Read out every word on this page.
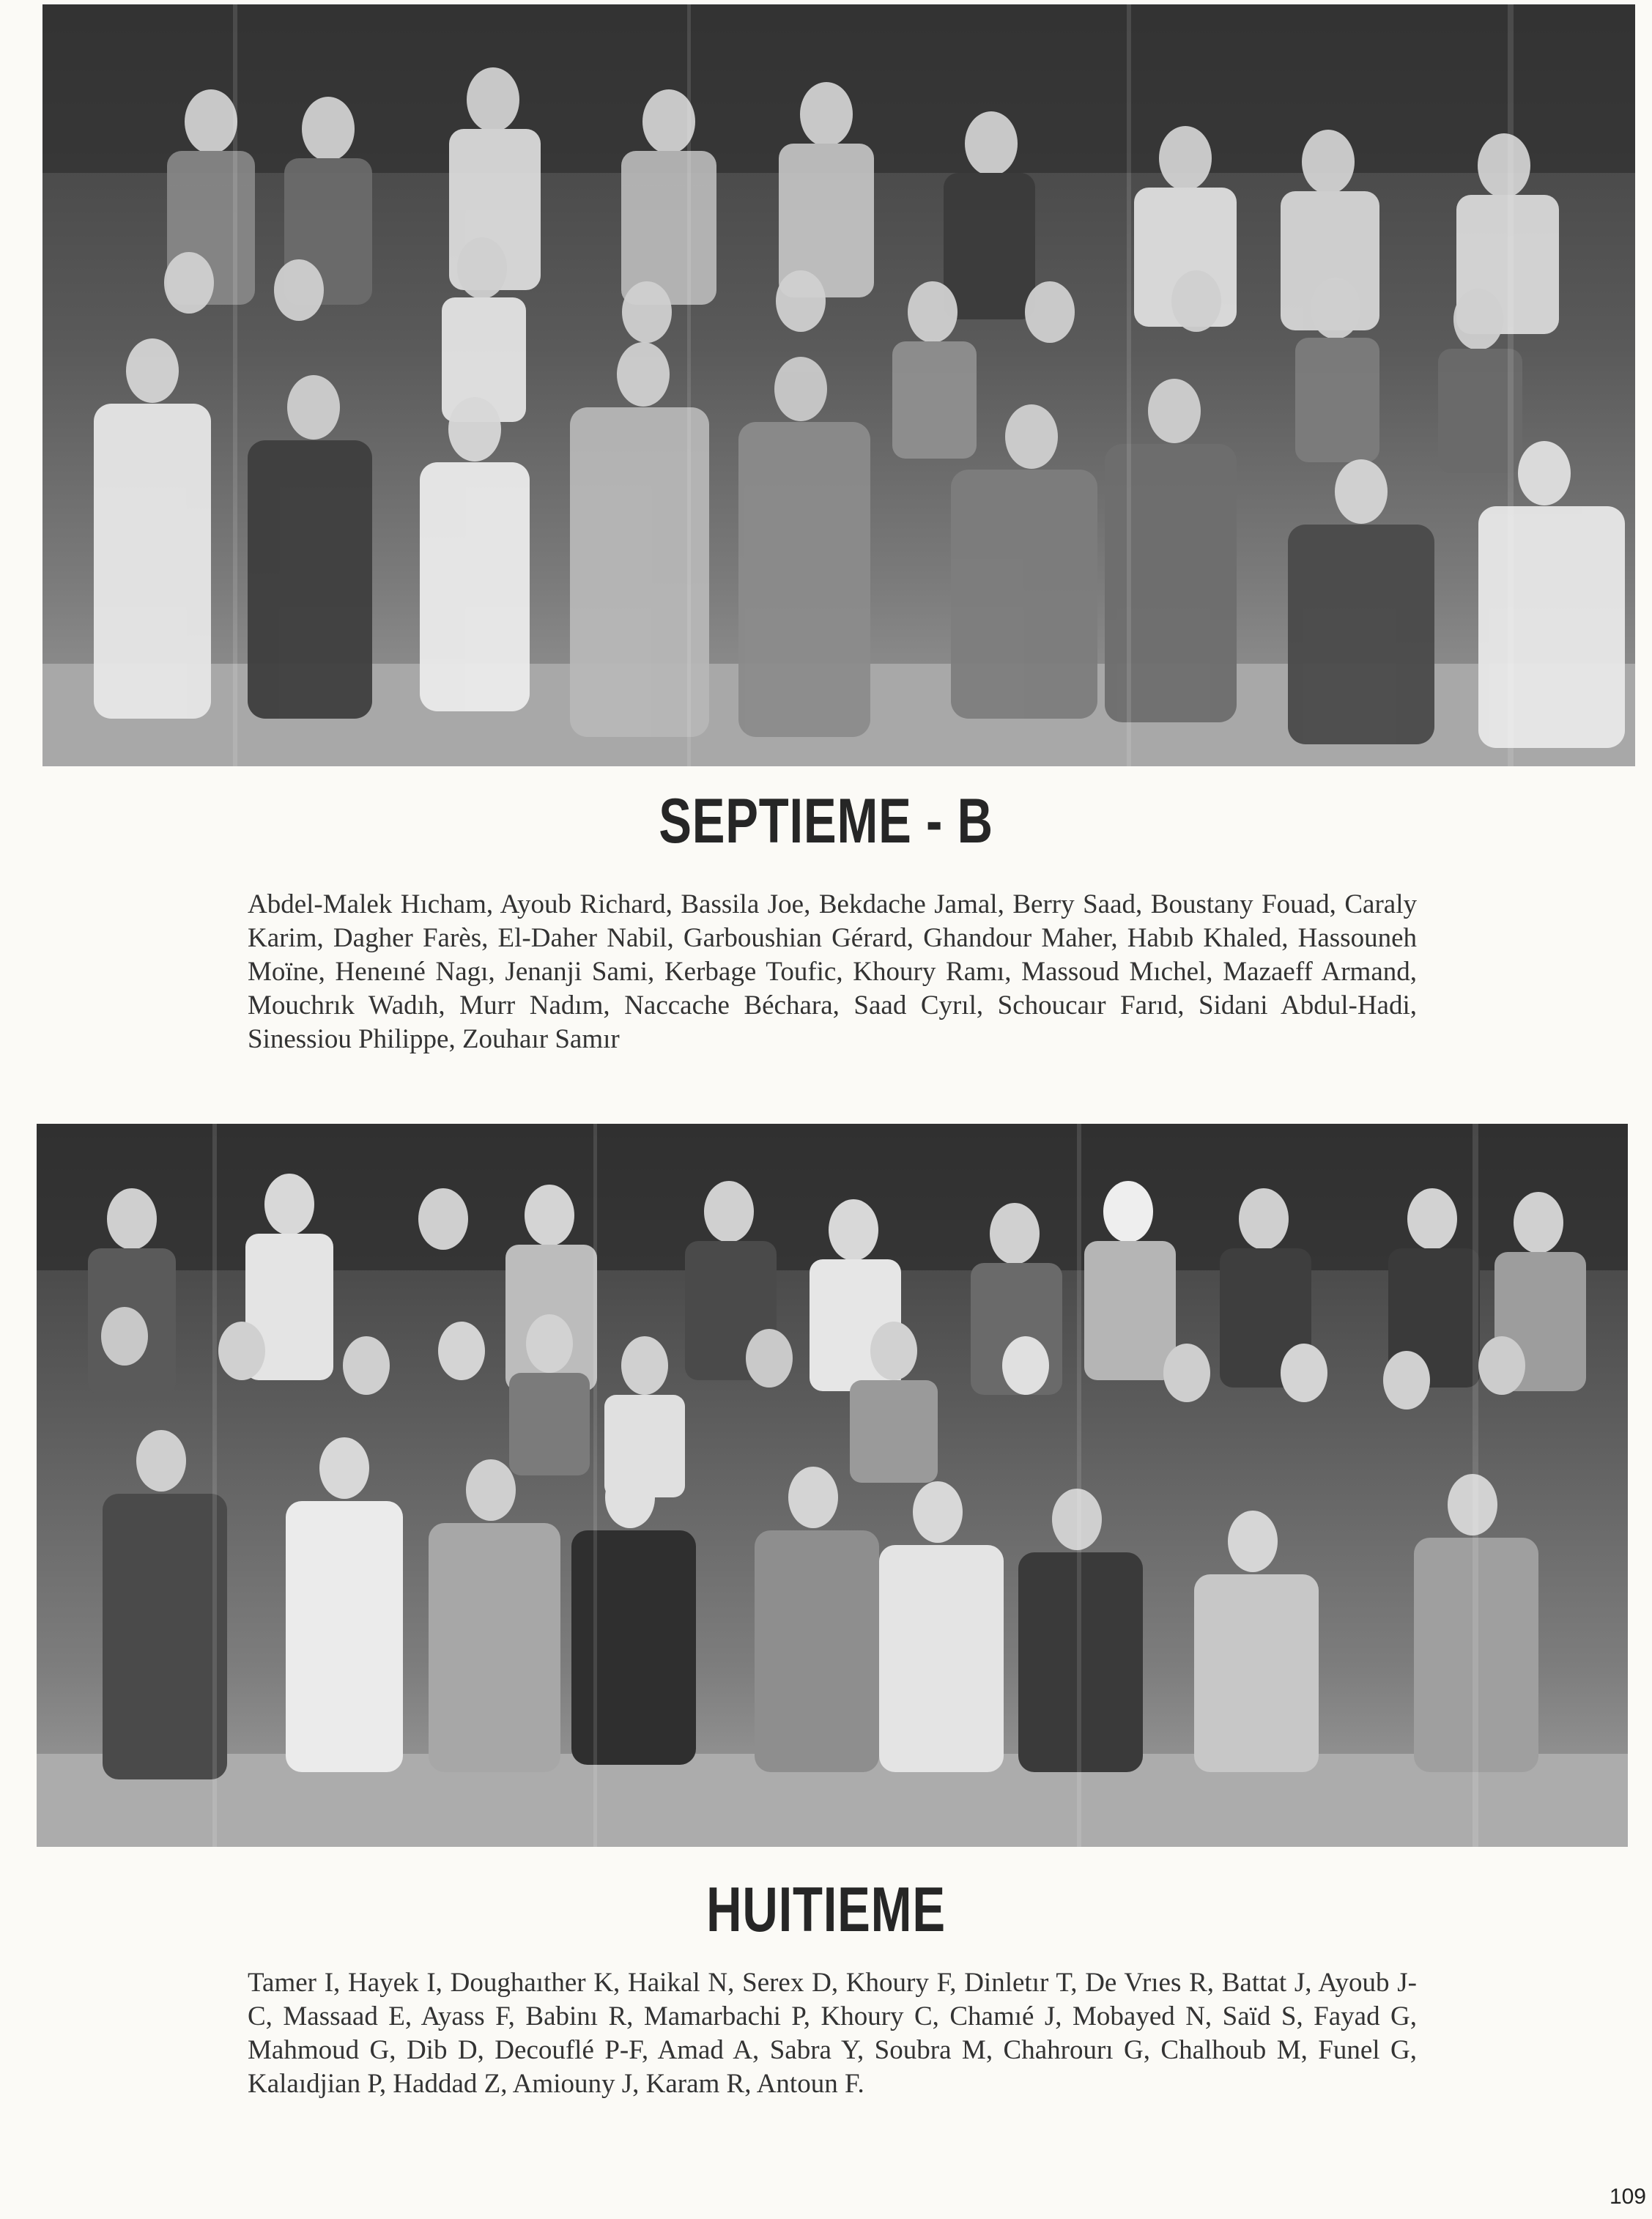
SEPTIEME - B
Abdel-Malek Hıcham, Ayoub Richard, Bassila Joe, Bekdache Jamal, Berry Saad, Boustany Fouad, Caraly Karim, Dagher Farès, El-Daher Nabil, Garboushian Gérard, Ghandour Maher, Habıb Khaled, Hassouneh Moïne, Heneıné Nagı, Jenanji Sami, Kerbage Toufic, Khoury Ramı, Massoud Mıchel, Mazaeff Armand, Mouchrık Wadıh, Murr Nadım, Naccache Béchara, Saad Cyrıl, Schoucaır Farıd, Sidani Abdul-Hadi, Sinessiou Philippe, Zouhaır Samır
HUITIEME
Tamer I, Hayek I, Doughaıther K, Haikal N, Serex D, Khoury F, Dinletır T, De Vrıes R, Battat J, Ayoub J-C, Massaad E, Ayass F, Babinı R, Mamarbachi P, Khoury C, Chamıé J, Mobayed N, Saïd S, Fayad G, Mahmoud G, Dib D, Decouflé P-F, Amad A, Sabra Y, Soubra M, Chahrourı G, Chalhoub M, Funel G, Kalaıdjian P, Haddad Z, Amiouny J, Karam R, Antoun F.
109
